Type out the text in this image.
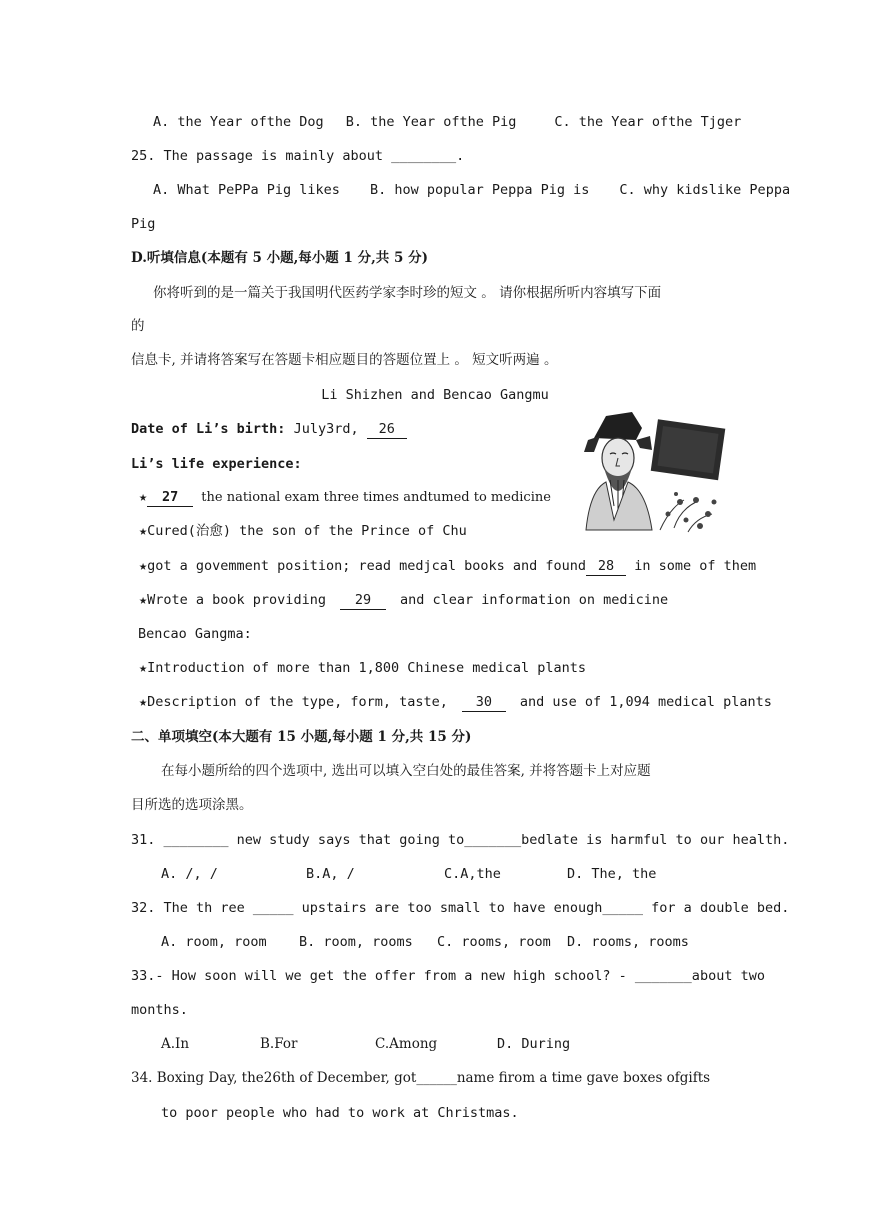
A. the Year ofthe Dog B. the Year ofthe Pig	C. the Year ofthe Tjger
25. The passage is mainly about ________.
A. What PePPa Pig likes B. how popular Peppa Pig is C. why kidslike Peppa
Pig
D.听填信息(本题有 5 小题,每小题 1 分,共 5 分)
你将听到的是一篇关于我国明代医药学家李时珍的短文 。 请你根据所听内容填写下面
的
信息卡, 并请将答案写在答题卡相应题目的答题位置上 。 短文听两遍 。
Li Shizhen and Bencao Gangmu
Date of Li’s birth: July3rd, 26
Li’s life experience:
★ 27 the national exam three times andtumed to medicine
★Cured(治愈) the son of the Prince of Chu
★got a govemment position; read medjcal books and found 28 in some of them
★Wrote a book providing 29 and clear information on medicine
Bencao Gangma:
★Introduction of more than 1,800 Chinese medical plants
★Description of the type, form, taste, 30 and use of 1,094 medical plants
二、单项填空(本大题有 15 小题,每小题 1 分,共 15 分)
在每小题所给的四个选项中, 选出可以填入空白处的最佳答案, 并将答题卡上对应题
目所选的选项涂黑。
31. ________ new study says that going to_______bedlate is harmful to our health.
A. /, /	B.A, /	C.A,the	D. The, the
32. The th ree _____ upstairs are too small to have enough_____ for a double bed.
A. room, room B. room, rooms C. rooms, room D. rooms, rooms
33.- How soon will we get the offer from a new high school? - _______about two
months.
A.In	B.For	C.Among	D. During
34. Boxing Day, the26th of December, got______name firom a time gave boxes ofgifts
to poor people who had to work at Christmas.
